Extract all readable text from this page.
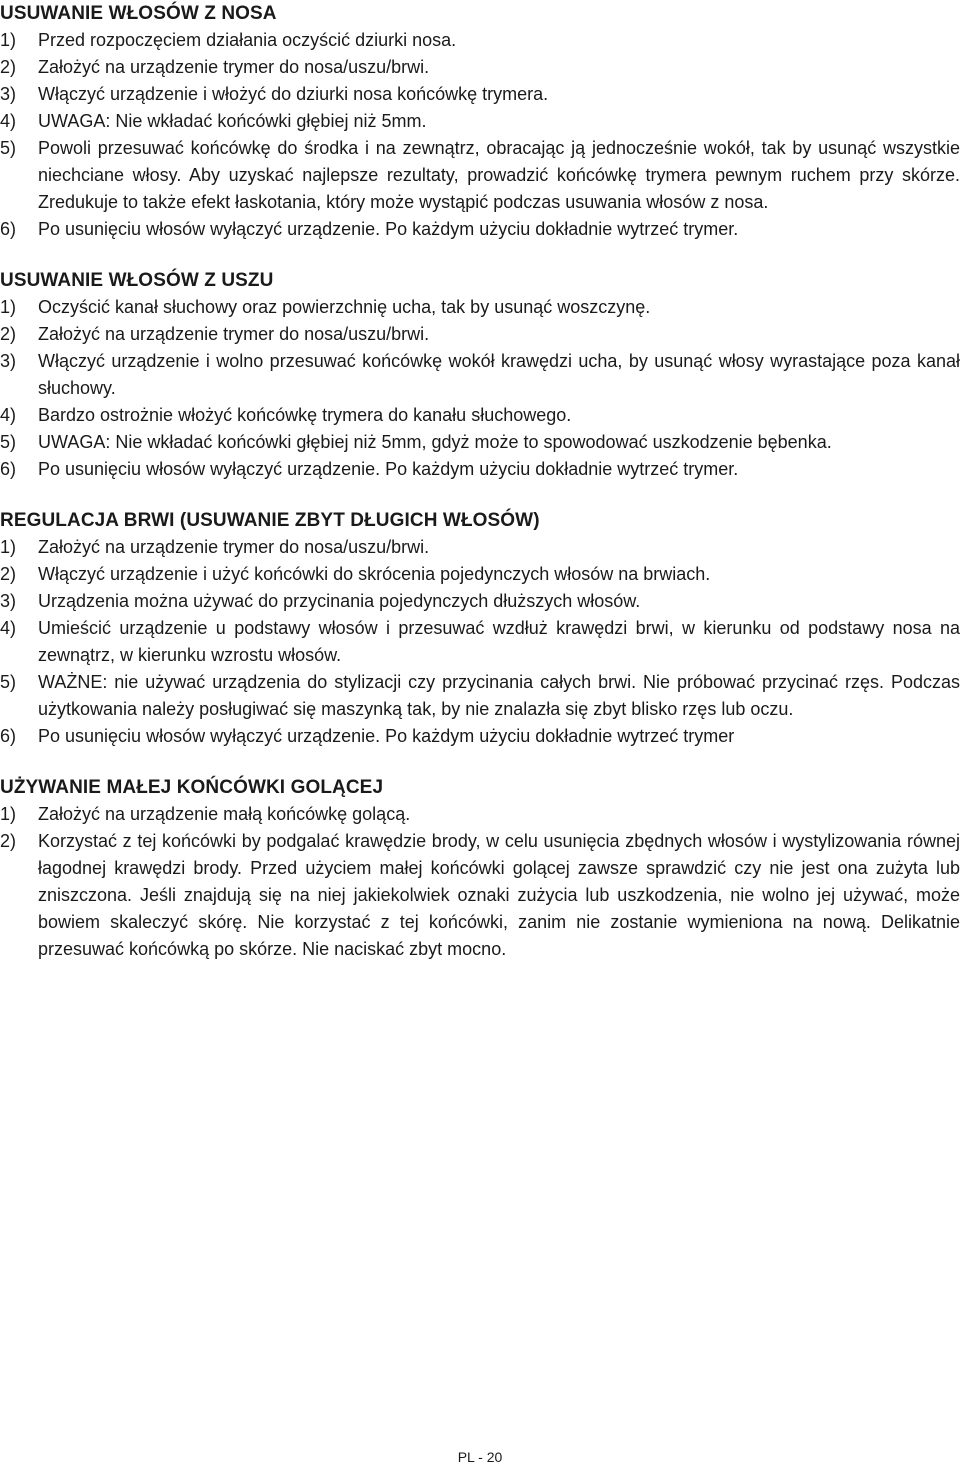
USUWANIE WŁOSÓW Z NOSA
1)	Przed rozpoczęciem działania oczyścić dziurki nosa.
2)	Założyć na urządzenie trymer do nosa/uszu/brwi.
3)	Włączyć urządzenie i włożyć do dziurki nosa końcówkę trymera.
4)	UWAGA: Nie wkładać końcówki głębiej niż 5mm.
5)	Powoli przesuwać końcówkę do środka i na zewnątrz, obracając ją jednocześnie wokół, tak by usunąć wszystkie niechciane włosy. Aby uzyskać najlepsze rezultaty, prowadzić końcówkę trymera pewnym ruchem przy skórze. Zredukuje to także efekt łaskotania, który może wystąpić podczas usuwania włosów z nosa.
6)	Po usunięciu włosów wyłączyć urządzenie. Po każdym użyciu dokładnie wytrzeć trymer.
USUWANIE WŁOSÓW Z USZU
1)	Oczyścić kanał słuchowy oraz powierzchnię ucha, tak by usunąć woszczynę.
2)	Założyć na urządzenie trymer do nosa/uszu/brwi.
3)	Włączyć urządzenie i wolno przesuwać końcówkę wokół krawędzi ucha, by usunąć włosy wyrastające poza kanał słuchowy.
4)	Bardzo ostrożnie włożyć końcówkę trymera do kanału słuchowego.
5)	UWAGA: Nie wkładać końcówki głębiej niż 5mm, gdyż może to spowodować uszkodzenie bębenka.
6)	Po usunięciu włosów wyłączyć urządzenie. Po każdym użyciu dokładnie wytrzeć trymer.
REGULACJA BRWI (USUWANIE ZBYT DŁUGICH WŁOSÓW)
1)	Założyć na urządzenie trymer do nosa/uszu/brwi.
2)	Włączyć urządzenie i użyć końcówki do skrócenia pojedynczych włosów na brwiach.
3)	Urządzenia można używać do przycinania pojedynczych dłuższych włosów.
4)	Umieścić urządzenie u podstawy włosów i przesuwać wzdłuż krawędzi brwi, w kierunku od podstawy nosa na zewnątrz, w kierunku wzrostu włosów.
5)	WAŻNE: nie używać urządzenia do stylizacji czy przycinania całych brwi. Nie próbować przycinać rzęs. Podczas użytkowania należy posługiwać się maszynką tak, by nie znalazła się zbyt blisko rzęs lub oczu.
6)	Po usunięciu włosów wyłączyć urządzenie. Po każdym użyciu dokładnie wytrzeć trymer
UŻYWANIE MAŁEJ KOŃCÓWKI GOLĄCEJ
1)	Założyć na urządzenie małą końcówkę golącą.
2)	Korzystać z tej końcówki by podgalać krawędzie brody, w celu usunięcia zbędnych włosów i wystylizowania równej łagodnej krawędzi brody. Przed użyciem małej końcówki golącej zawsze sprawdzić czy nie jest ona zużyta lub zniszczona. Jeśli znajdują się na niej jakiekolwiek oznaki zużycia lub uszkodzenia, nie wolno jej używać, może bowiem skaleczyć skórę. Nie korzystać z tej końcówki, zanim nie zostanie wymieniona na nową. Delikatnie przesuwać końcówką po skórze. Nie naciskać zbyt mocno.
PL - 20
